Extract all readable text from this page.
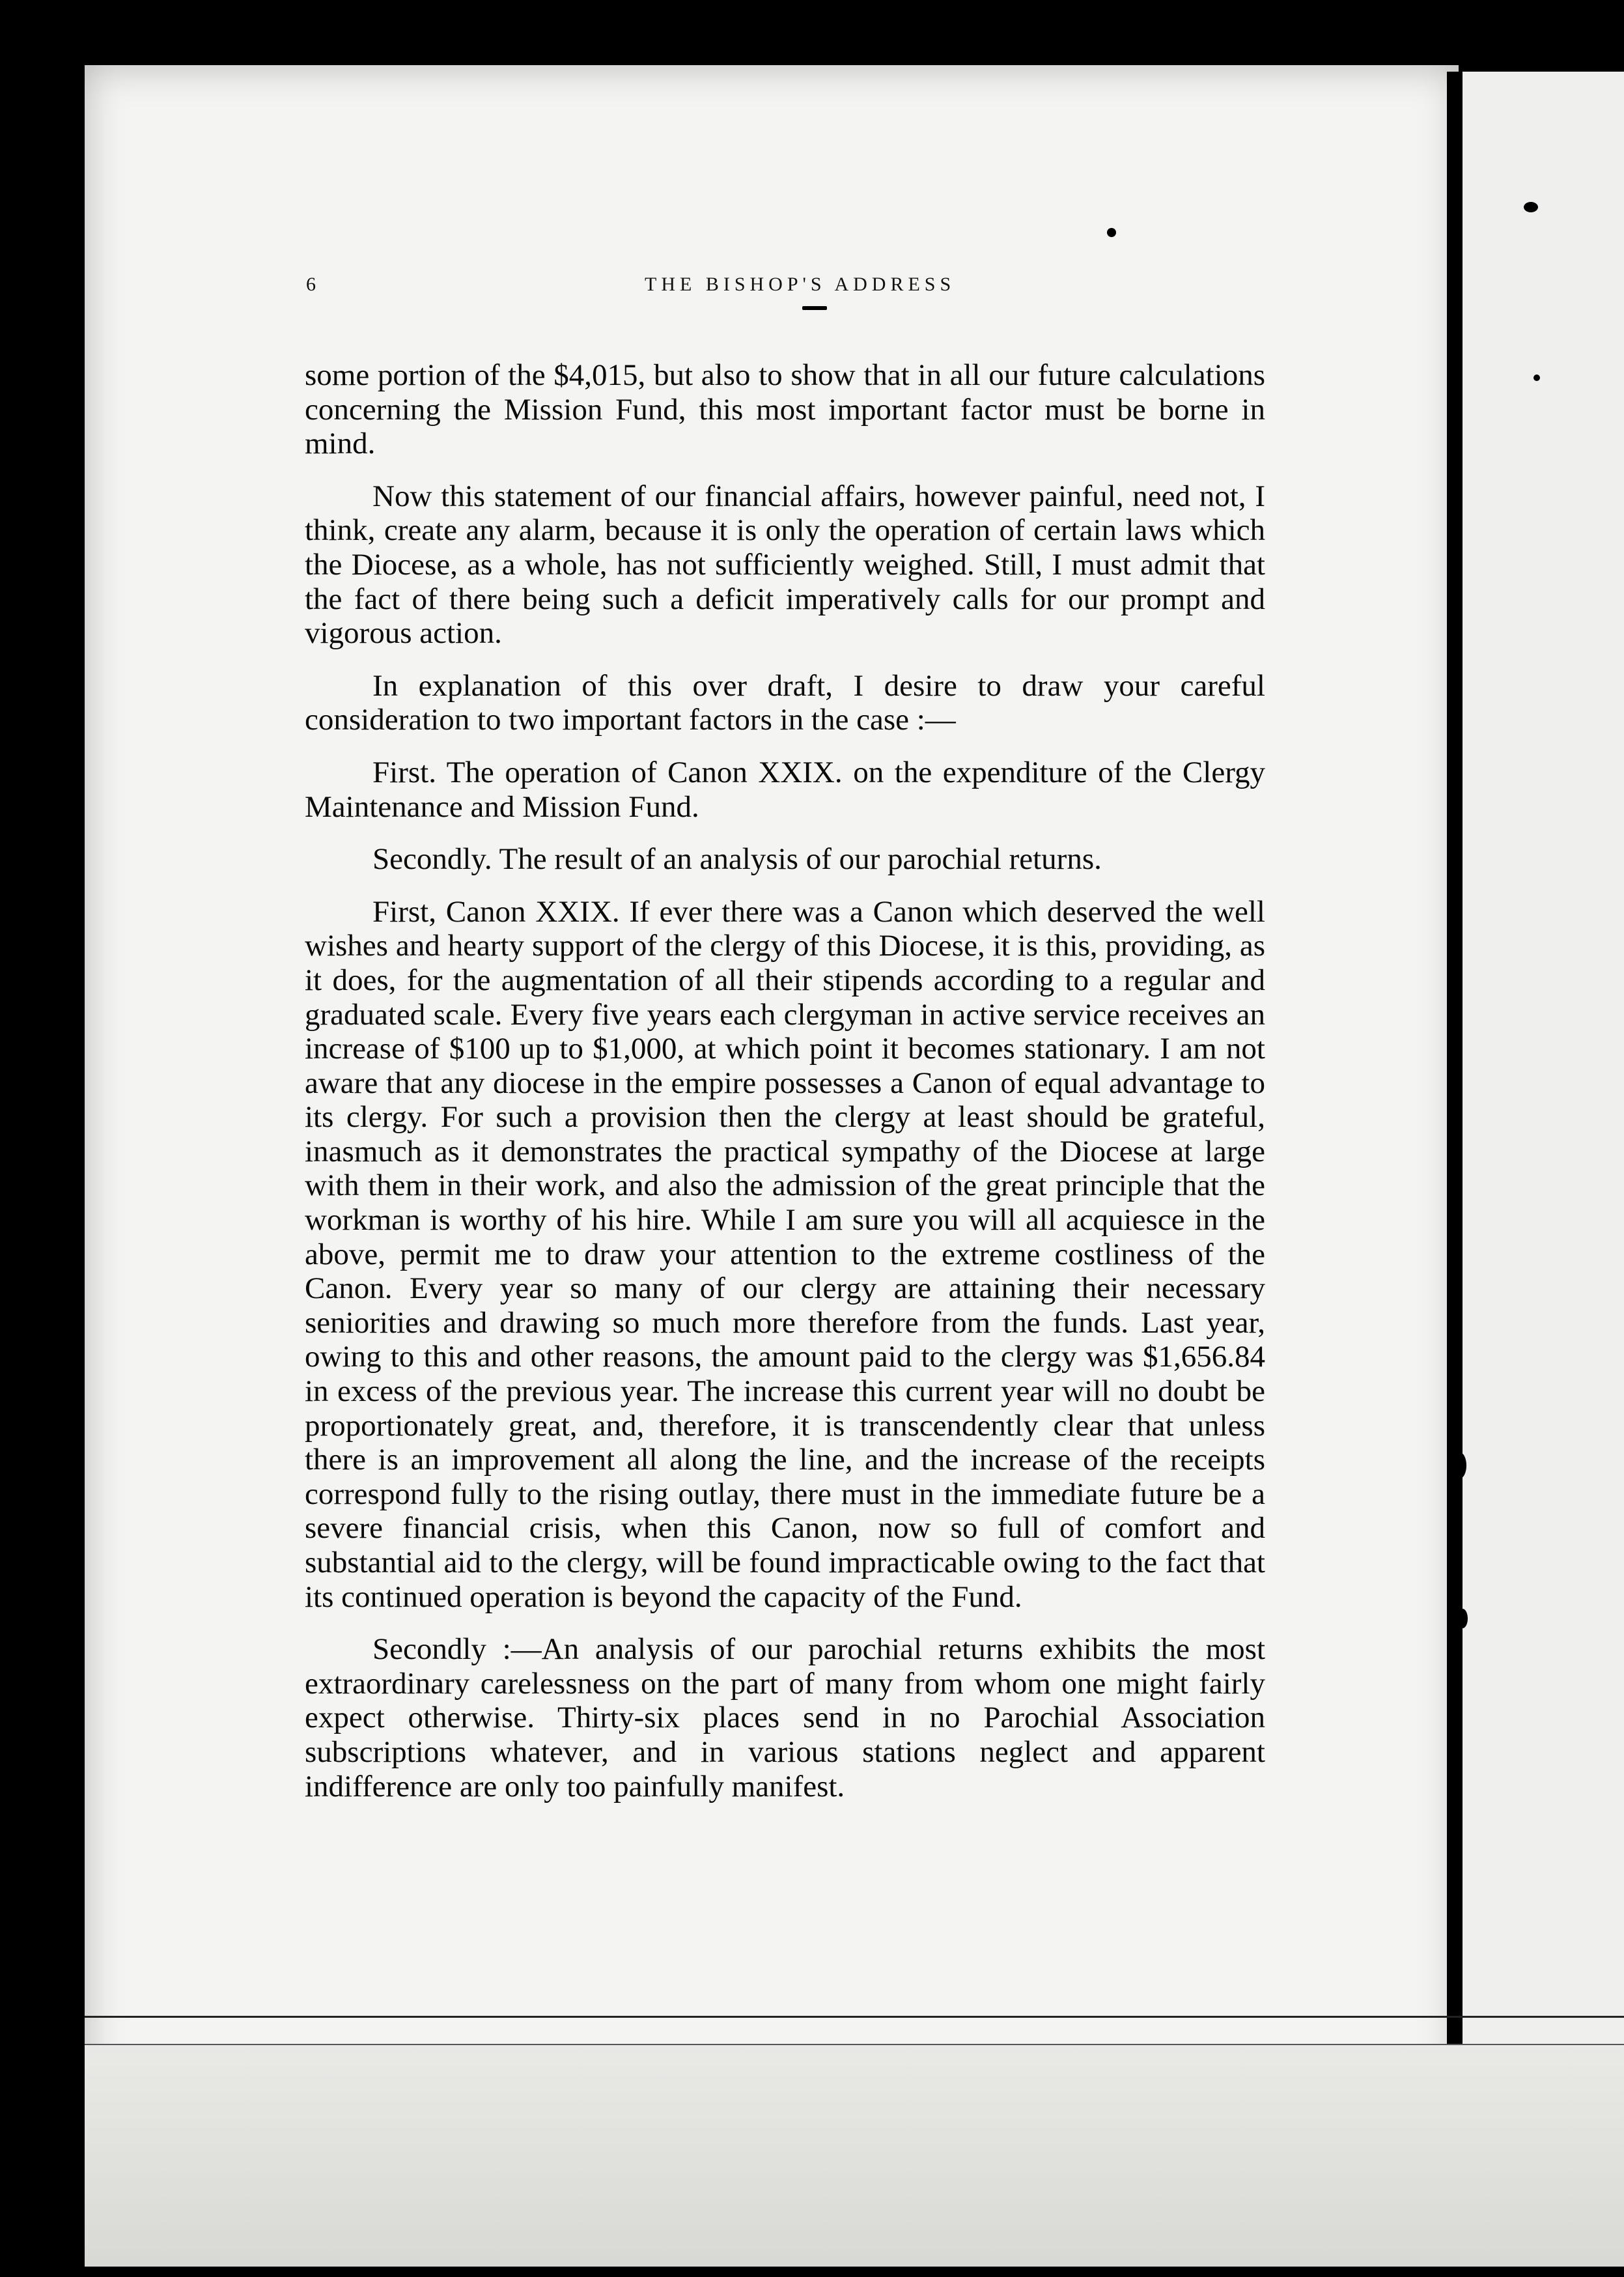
6	THE BISHOP'S ADDRESS

some portion of the $4,015, but also to show that in all our future calculations concerning the Mission Fund, this most important factor must be borne in mind.

Now this statement of our financial affairs, however painful, need not, I think, create any alarm, because it is only the operation of certain laws which the Diocese, as a whole, has not sufficiently weighed. Still, I must admit that the fact of there being such a deficit imperatively calls for our prompt and vigorous action.

In explanation of this over draft, I desire to draw your careful consideration to two important factors in the case :—

First. The operation of Canon XXIX. on the expenditure of the Clergy Maintenance and Mission Fund.

Secondly. The result of an analysis of our parochial returns.

First, Canon XXIX. If ever there was a Canon which deserved the well wishes and hearty support of the clergy of this Diocese, it is this, providing, as it does, for the augmentation of all their stipends according to a regular and graduated scale. Every five years each clergyman in active service receives an increase of $100 up to $1,000, at which point it becomes stationary. I am not aware that any diocese in the empire possesses a Canon of equal advantage to its clergy. For such a provision then the clergy at least should be grateful, inasmuch as it demonstrates the practical sympathy of the Diocese at large with them in their work, and also the admission of the great principle that the workman is worthy of his hire. While I am sure you will all acquiesce in the above, permit me to draw your attention to the extreme costliness of the Canon. Every year so many of our clergy are attaining their necessary seniorities and drawing so much more therefore from the funds. Last year, owing to this and other reasons, the amount paid to the clergy was $1,656.84 in excess of the previous year. The increase this current year will no doubt be proportionately great, and, therefore, it is transcendently clear that unless there is an improvement all along the line, and the increase of the receipts correspond fully to the rising outlay, there must in the immediate future be a severe financial crisis, when this Canon, now so full of comfort and substantial aid to the clergy, will be found impracticable owing to the fact that its continued operation is beyond the capacity of the Fund.

Secondly :—An analysis of our parochial returns exhibits the most extraordinary carelessness on the part of many from whom one might fairly expect otherwise. Thirty-six places send in no Parochial Association subscriptions whatever, and in various stations neglect and apparent indifference are only too painfully manifest.
